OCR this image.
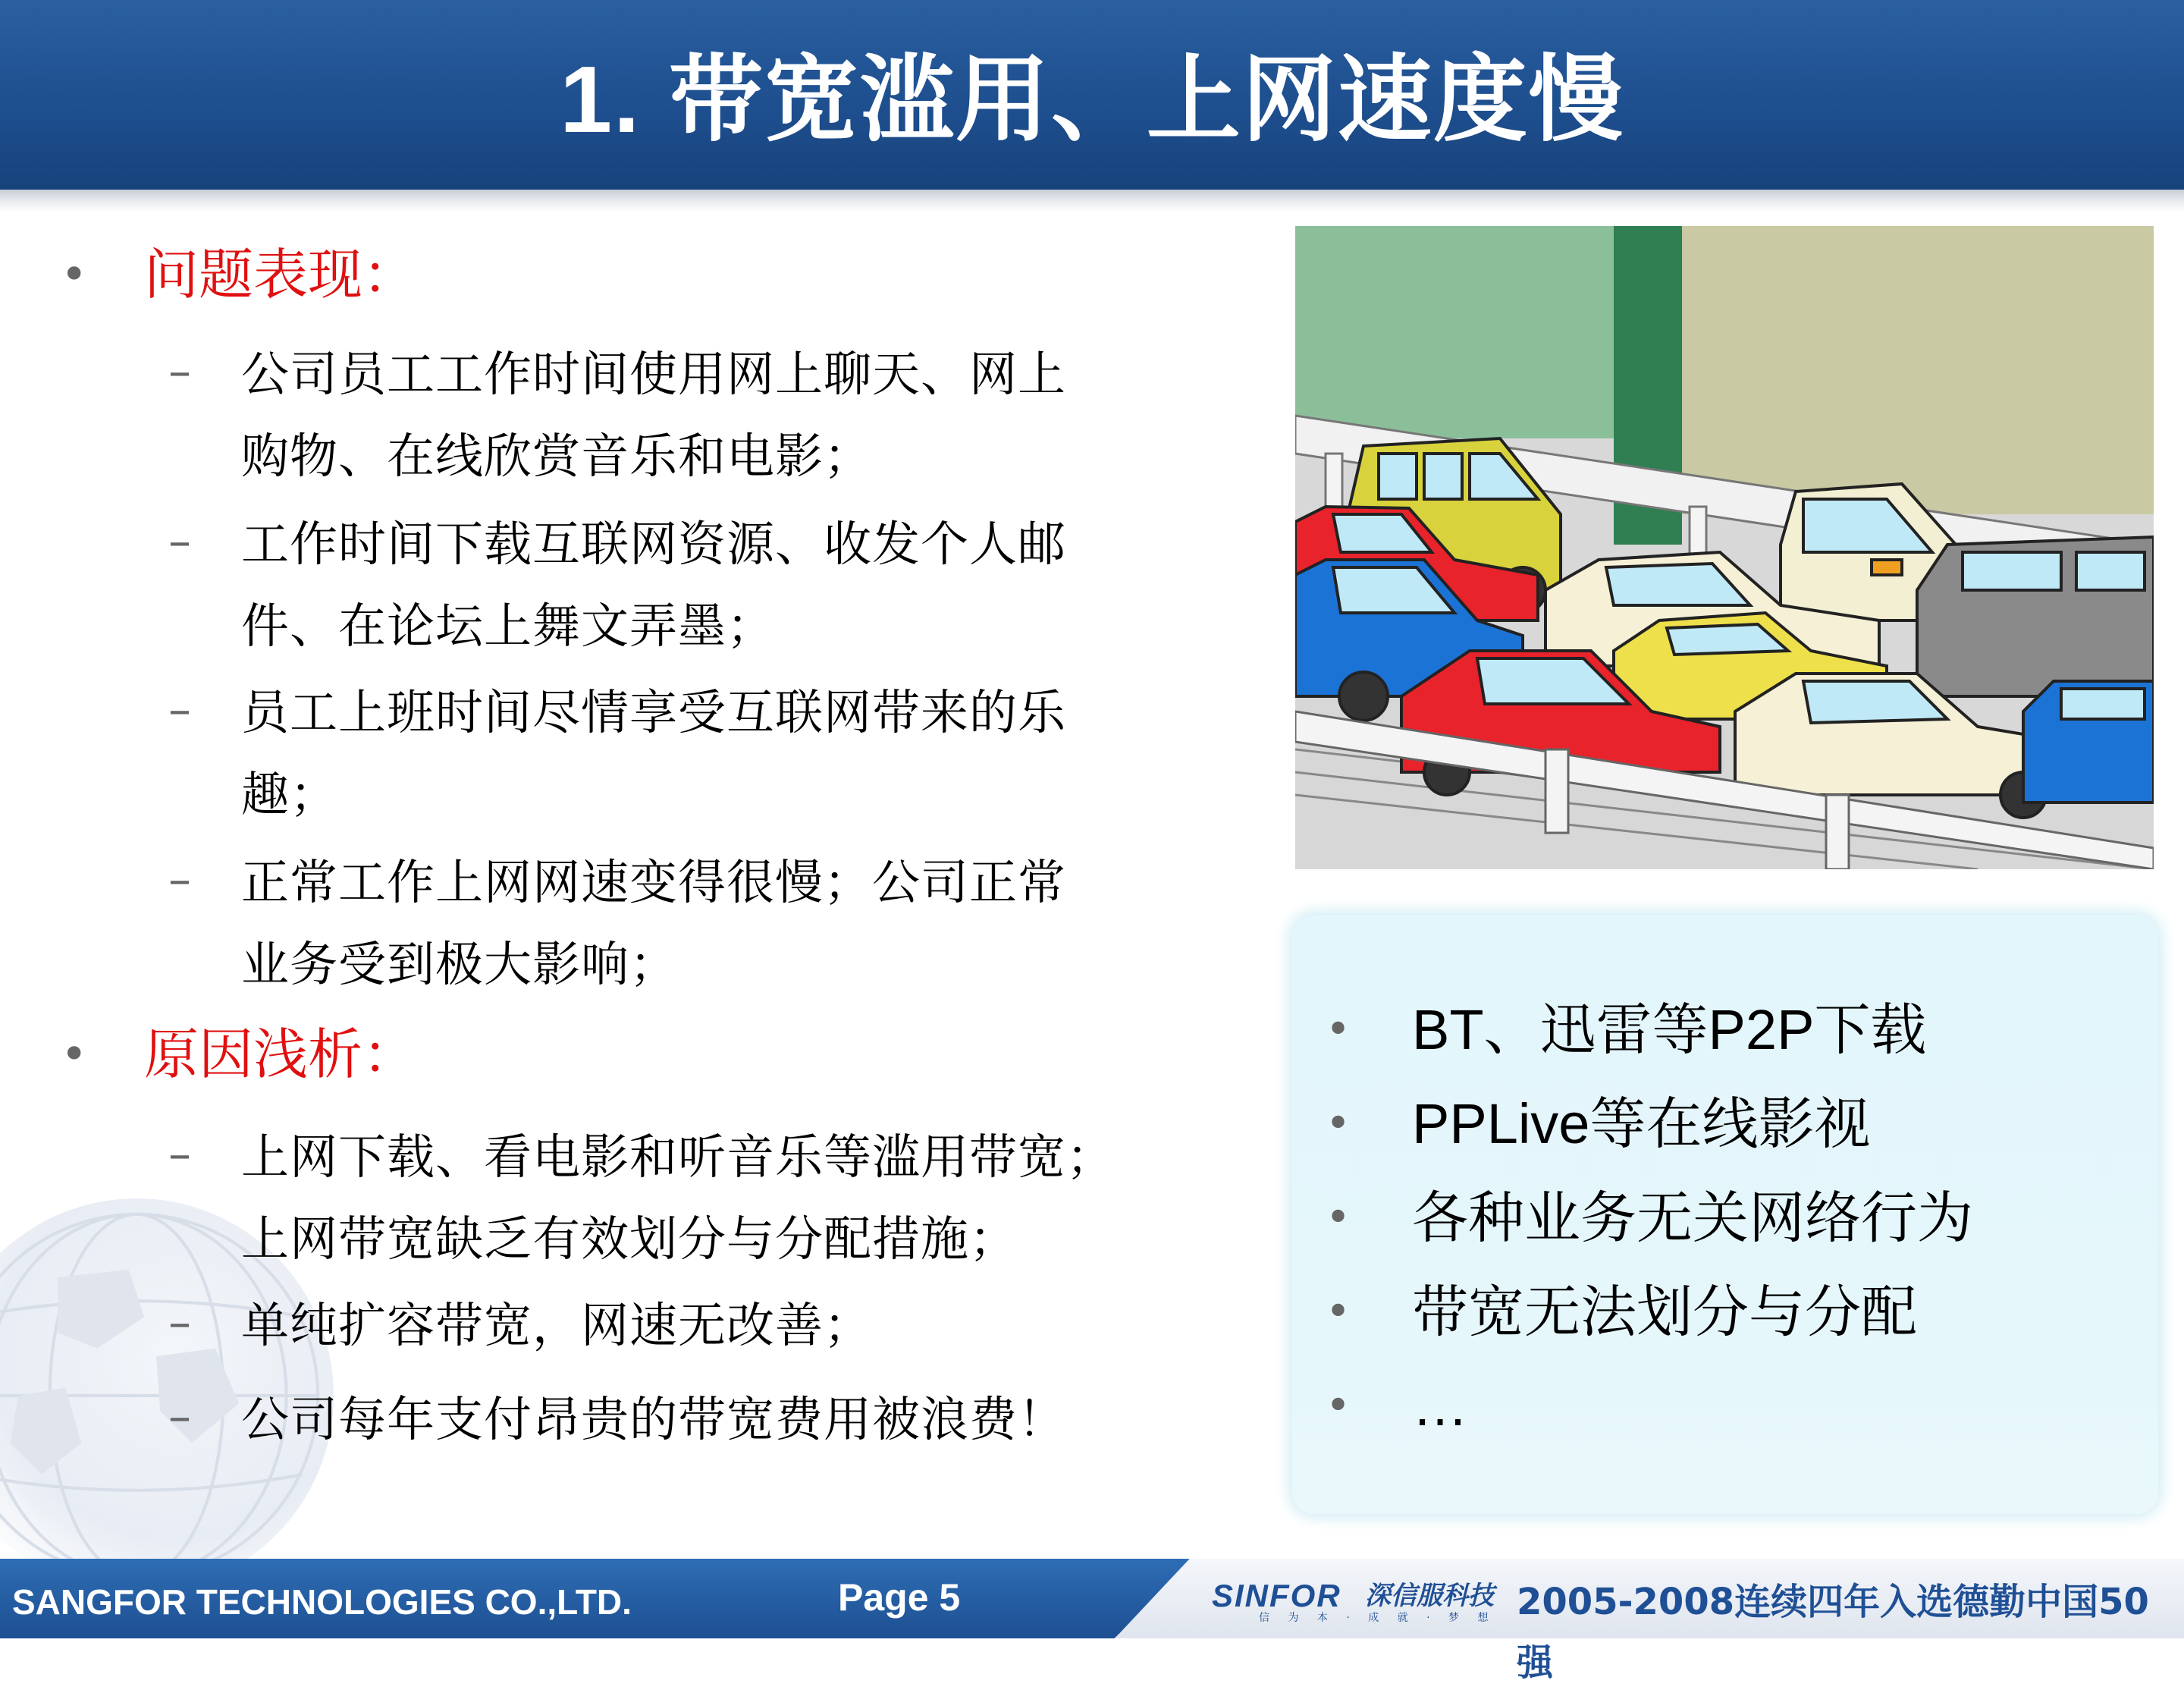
1. 带宽滥用、上网速度慢
• 问题表现：
– 公司员工工作时间使用网上聊天、网上
购物、在线欣赏音乐和电影；
– 工作时间下载互联网资源、收发个人邮
件、在论坛上舞文弄墨；
– 员工上班时间尽情享受互联网带来的乐
趣；
– 正常工作上网网速变得很慢；公司正常
业务受到极大影响；
• 原因浅析：
– 上网下载、看电影和听音乐等滥用带宽；
上网带宽缺乏有效划分与分配措施；
– 单纯扩容带宽，网速无改善；
– 公司每年支付昂贵的带宽费用被浪费！
• BT、迅雷等P2P下载
• PPLive等在线影视
• 各种业务无关网络行为
• 带宽无法划分与分配
• …
SANGFOR TECHNOLOGIES CO.,LTD.	Page 5	SINFOR 深信服科技
信 为 本 · 成 就 · 梦 想 2005-2008连续四年入选德勤中国50强
